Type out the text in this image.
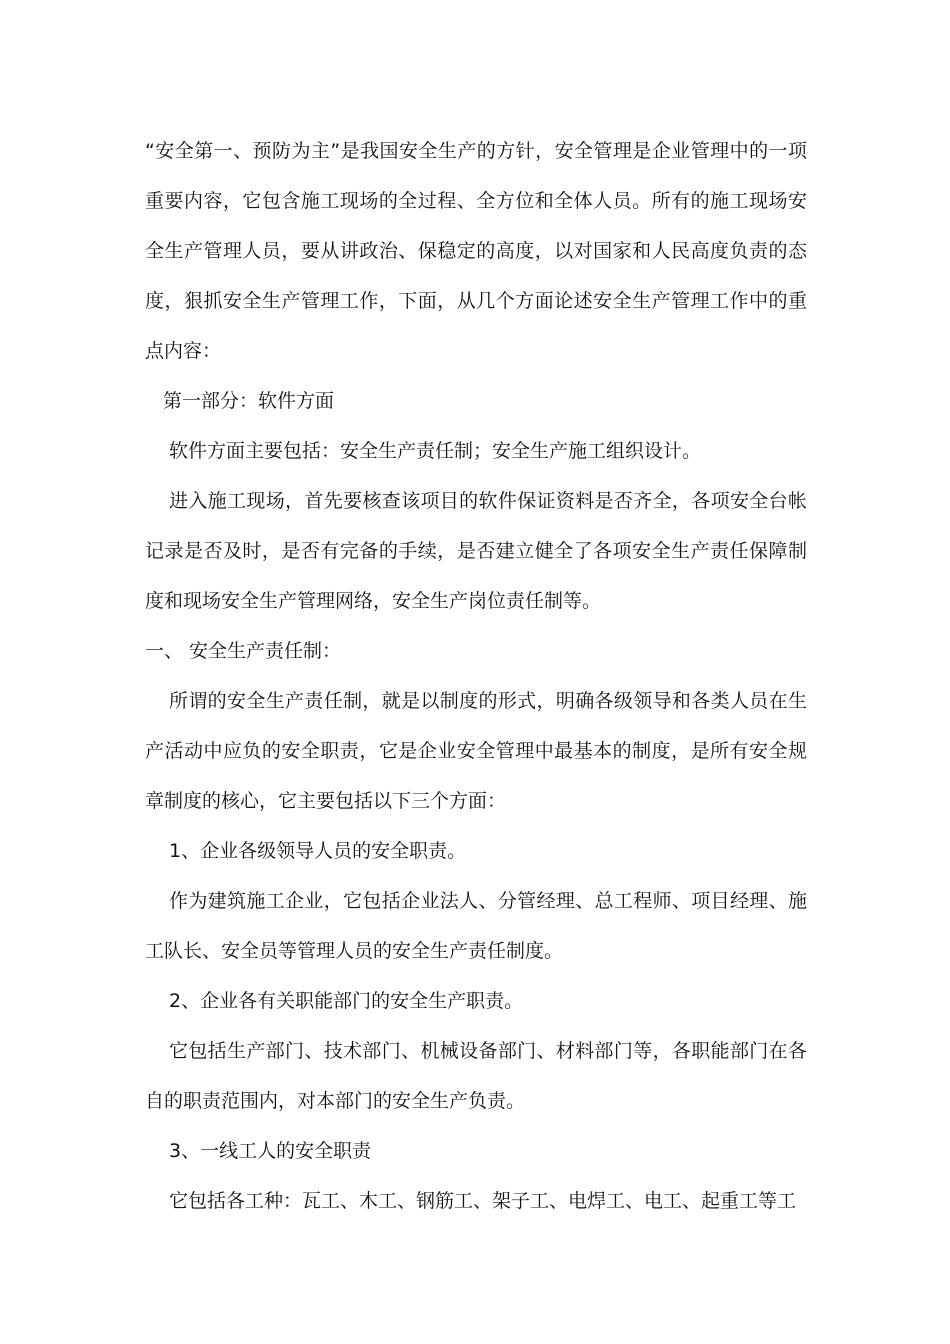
“安全第一、预防为主”是我国安全生产的方针，安全管理是企业管理中的一项重要内容，它包含施工现场的全过程、全方位和全体人员。所有的施工现场安全生产管理人员，要从讲政治、保稳定的高度，以对国家和人民高度负责的态度，狠抓安全生产管理工作，下面，从几个方面论述安全生产管理工作中的重点内容：

第一部分：软件方面

软件方面主要包括：安全生产责任制；安全生产施工组织设计。

进入施工现场，首先要核查该项目的软件保证资料是否齐全，各项安全台帐记录是否及时，是否有完备的手续，是否建立健全了各项安全生产责任保障制度和现场安全生产管理网络，安全生产岗位责任制等。

一、 安全生产责任制：

所谓的安全生产责任制，就是以制度的形式，明确各级领导和各类人员在生产活动中应负的安全职责，它是企业安全管理中最基本的制度，是所有安全规章制度的核心，它主要包括以下三个方面：

1、企业各级领导人员的安全职责。

作为建筑施工企业，它包括企业法人、分管经理、总工程师、项目经理、施工队长、安全员等管理人员的安全生产责任制度。

2、企业各有关职能部门的安全生产职责。

它包括生产部门、技术部门、机械设备部门、材料部门等，各职能部门在各自的职责范围内，对本部门的安全生产负责。

3、一线工人的安全职责

它包括各工种：瓦工、木工、钢筋工、架子工、电焊工、电工、起重工等工
